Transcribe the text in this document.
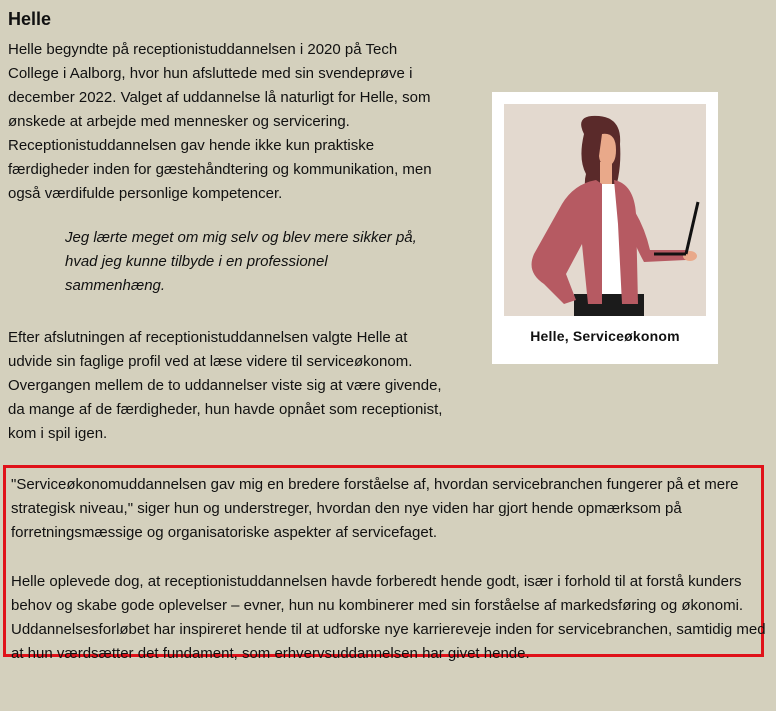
Helle

Helle begyndte på receptionistuddannelsen i 2020 på Tech College i Aalborg, hvor hun afsluttede med sin svendeprøve i december 2022. Valget af uddannelse lå naturligt for Helle, som ønskede at arbejde med mennesker og servicering. Receptionistuddannelsen gav hende ikke kun praktiske færdigheder inden for gæstehåndtering og kommunikation, men også værdifulde personlige kompetencer.

Jeg lærte meget om mig selv og blev mere sikker på, hvad jeg kunne tilbyde i en professionel sammenhæng.

Efter afslutningen af receptionistuddannelsen valgte Helle at udvide sin faglige profil ved at læse videre til serviceøkonom. Overgangen mellem de to uddannelser viste sig at være givende, da mange af de færdigheder, hun havde opnået som receptionist, kom i spil igen.

Helle, Serviceøkonom

"Serviceøkonomuddannelsen gav mig en bredere forståelse af, hvordan servicebranchen fungerer på et mere strategisk niveau," siger hun og understreger, hvordan den nye viden har gjort hende opmærksom på forretningsmæssige og organisatoriske aspekter af servicefaget.

Helle oplevede dog, at receptionistuddannelsen havde forberedt hende godt, især i forhold til at forstå kunders behov og skabe gode oplevelser – evner, hun nu kombinerer med sin forståelse af markedsføring og økonomi. Uddannelsesforløbet har inspireret hende til at udforske nye karriereveje inden for servicebranchen, samtidig med at hun værdsætter det fundament, som erhvervsuddannelsen har givet hende.
